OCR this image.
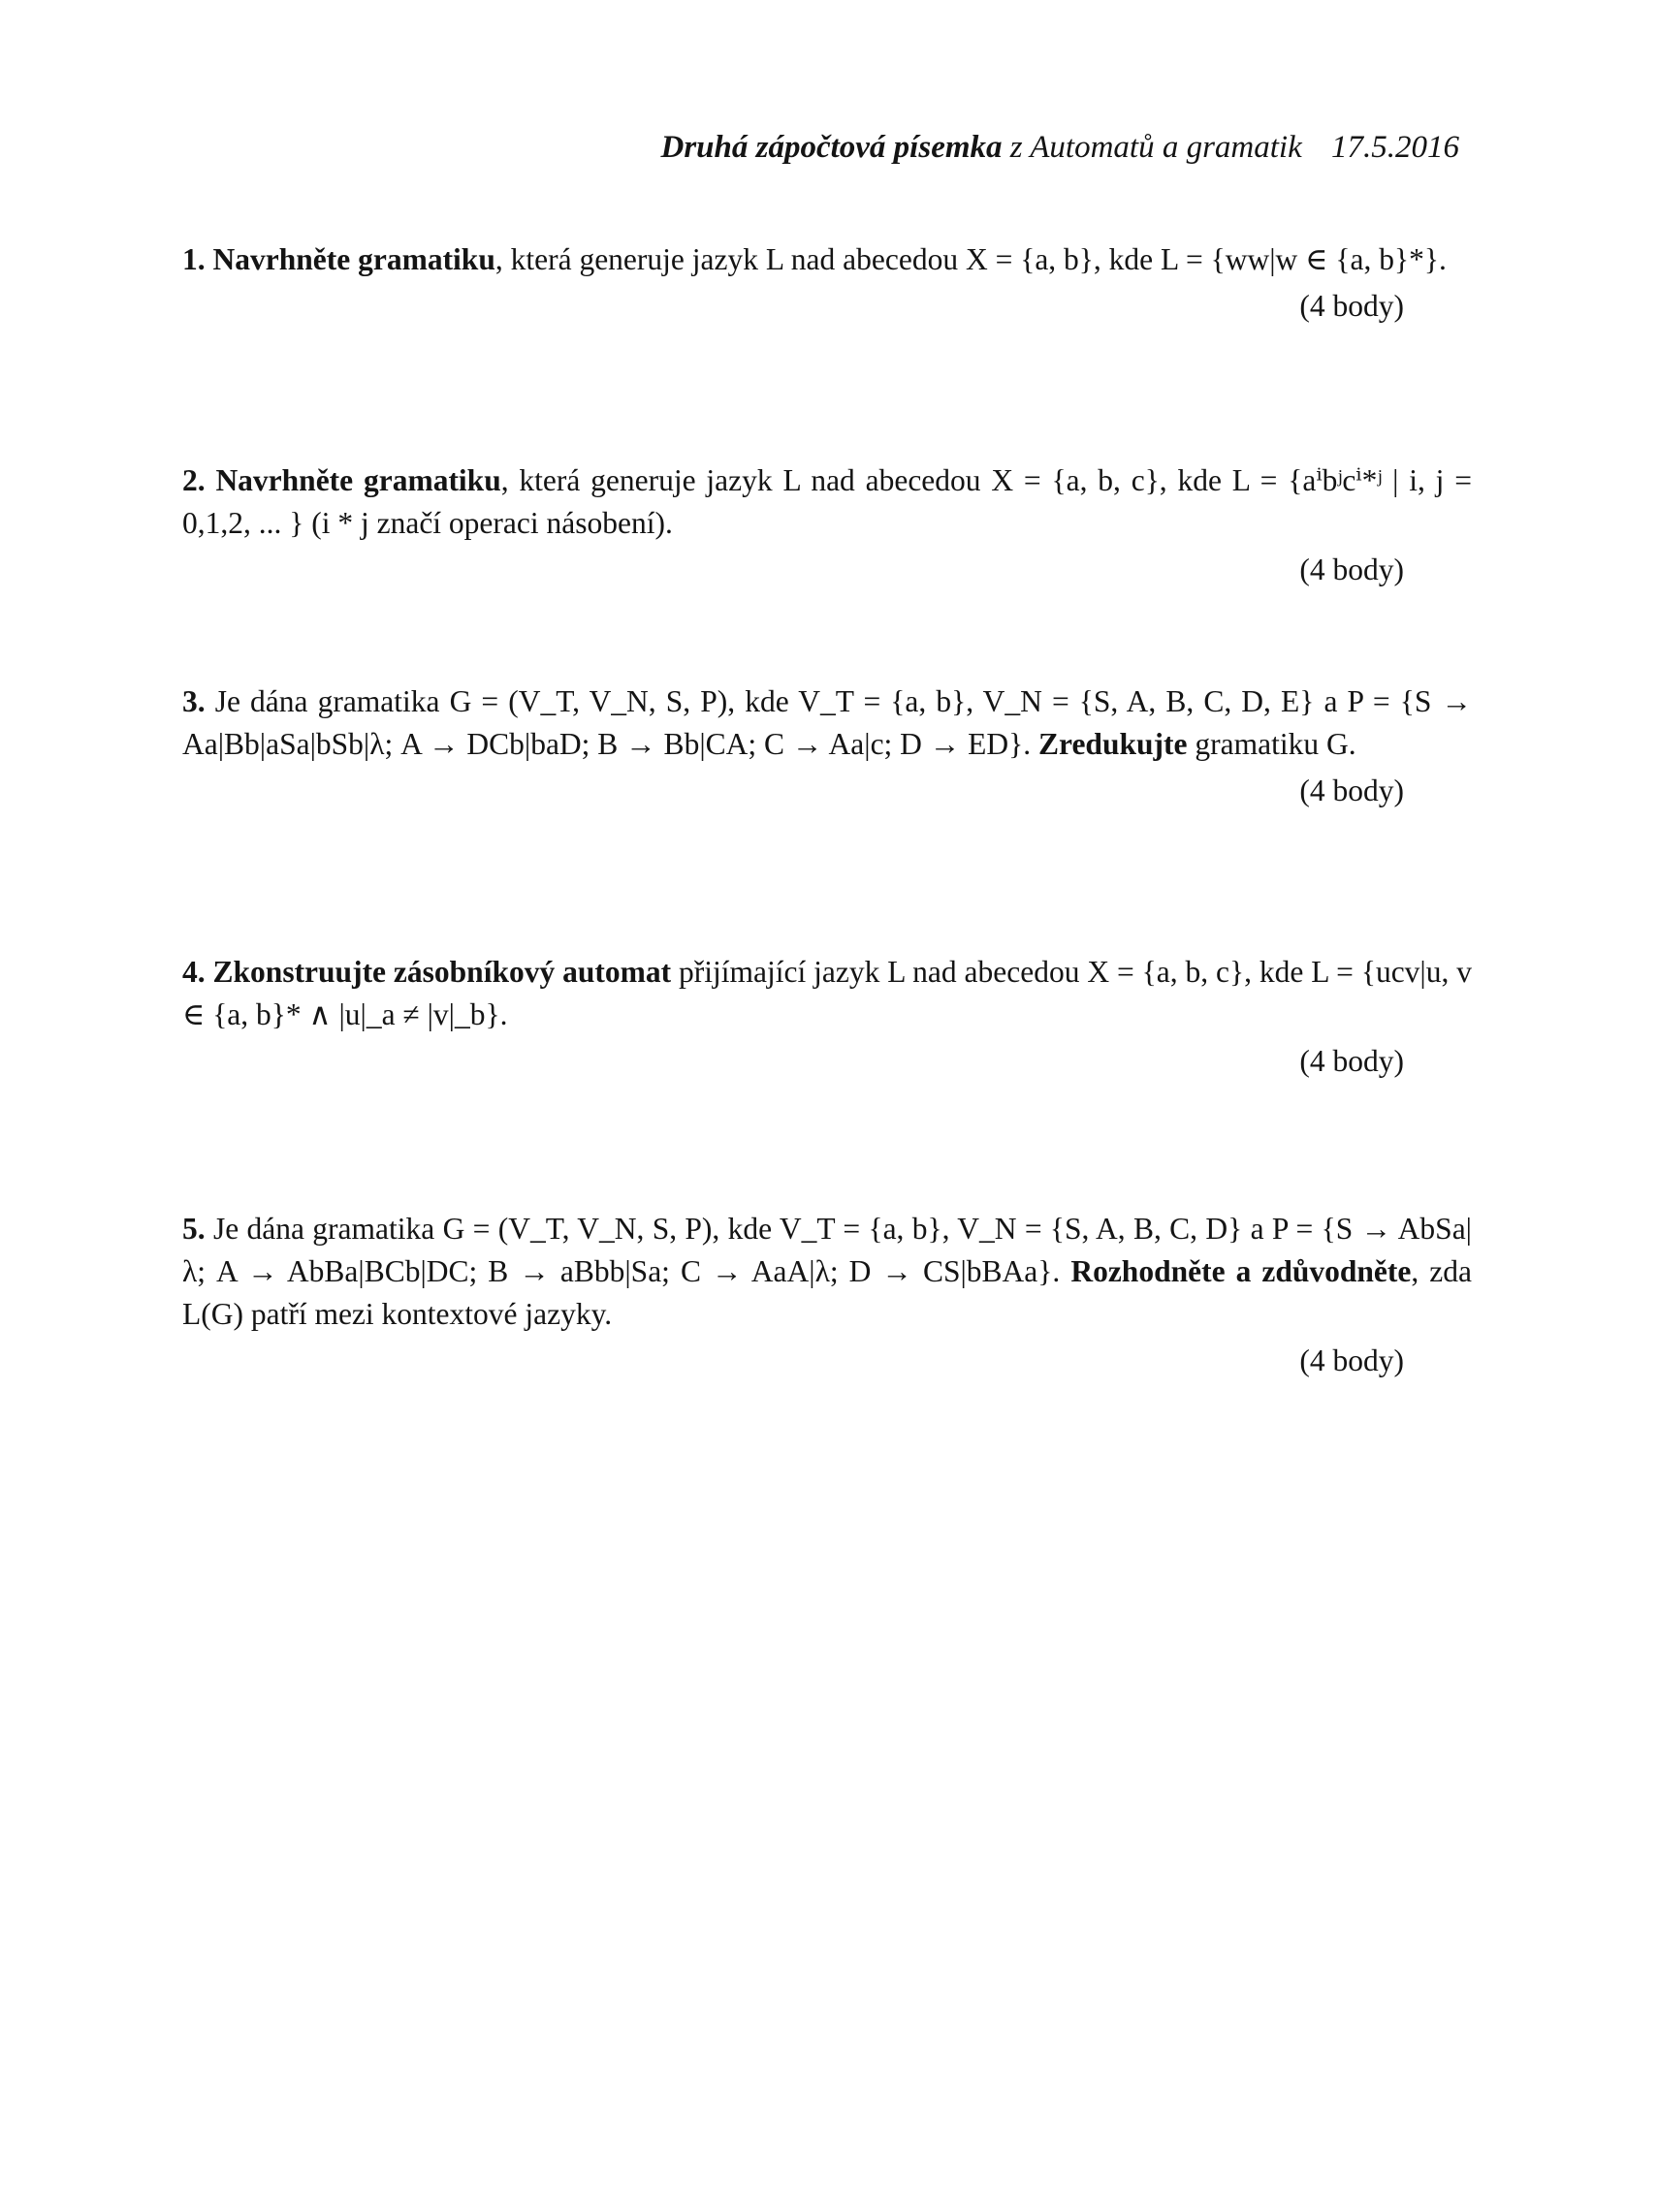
Druhá zápočtová písemka z Automatů a gramatik 17.5.2016
1. Navrhněte gramatiku, která generuje jazyk L nad abecedou X = {a, b}, kde L = {ww|w ∈ {a, b}*}.
(4 body)
2. Navrhněte gramatiku, která generuje jazyk L nad abecedou X = {a, b, c}, kde L = {aⁱbʲcⁱ*ʲ | i, j = 0,1,2, ... } (i * j značí operaci násobení).
(4 body)
3. Je dána gramatika G = (V_T, V_N, S, P), kde V_T = {a, b}, V_N = {S, A, B, C, D, E} a P = {S → Aa|Bb|aSa|bSb|λ; A → DCb|baD; B → Bb|CA; C → Aa|c; D → ED}. Zredukujte gramatiku G.
(4 body)
4. Zkonstruujte zásobníkový automat přijímající jazyk L nad abecedou X = {a, b, c}, kde L = {ucv|u, v ∈ {a, b}* ∧ |u|_a ≠ |v|_b}.
(4 body)
5. Je dána gramatika G = (V_T, V_N, S, P), kde V_T = {a, b}, V_N = {S, A, B, C, D} a P = {S → AbSa|λ; A → AbBa|BCb|DC; B → aBbb|Sa; C → AaA|λ; D → CS|bBAa}. Rozhodněte a zdůvodněte, zda L(G) patří mezi kontextové jazyky.
(4 body)
